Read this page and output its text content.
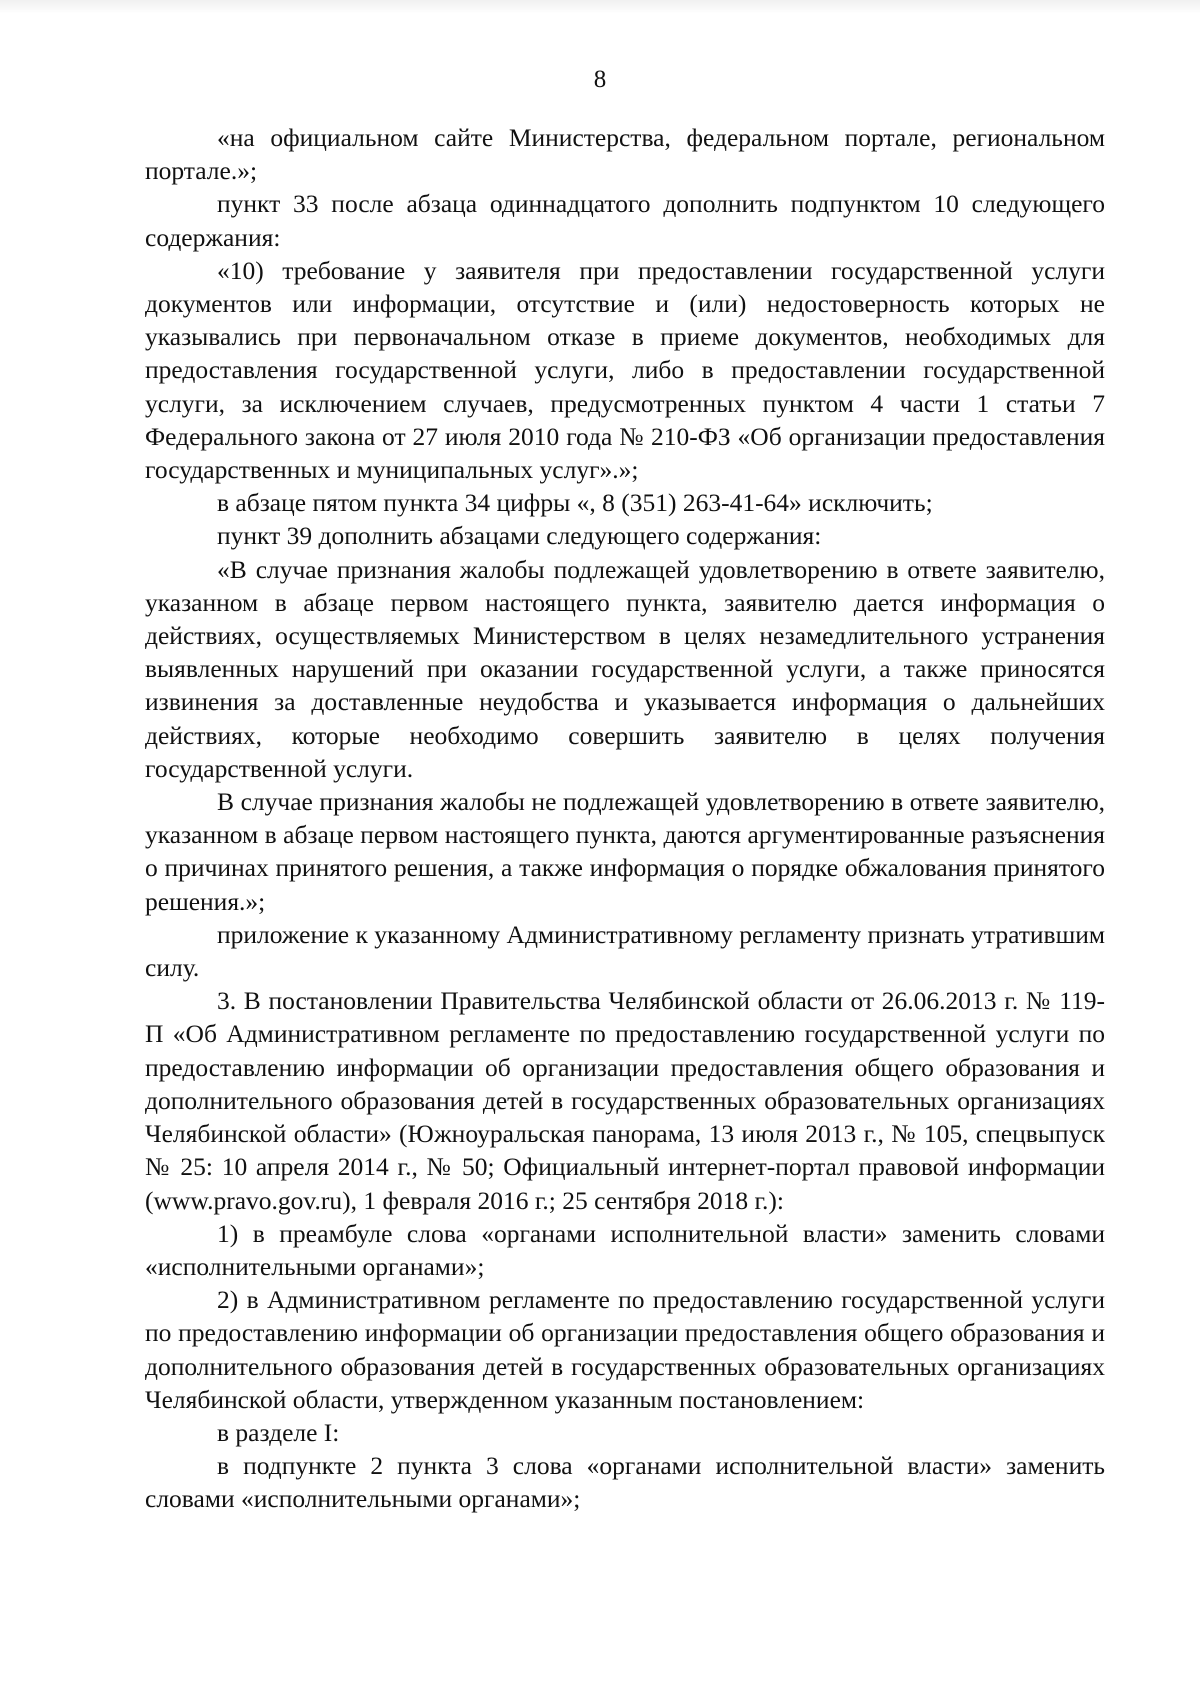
8

«на официальном сайте Министерства, федеральном портале, региональном портале.»;

пункт 33 после абзаца одиннадцатого дополнить подпунктом 10 следующего содержания:

«10) требование у заявителя при предоставлении государственной услуги документов или информации, отсутствие и (или) недостоверность которых не указывались при первоначальном отказе в приеме документов, необходимых для предоставления государственной услуги, либо в предоставлении государственной услуги, за исключением случаев, предусмотренных пунктом 4 части 1 статьи 7 Федерального закона от 27 июля 2010 года № 210-ФЗ «Об организации предоставления государственных и муниципальных услуг».»;

в абзаце пятом пункта 34 цифры «, 8 (351) 263-41-64» исключить;

пункт 39 дополнить абзацами следующего содержания:

«В случае признания жалобы подлежащей удовлетворению в ответе заявителю, указанном в абзаце первом настоящего пункта, заявителю дается информация о действиях, осуществляемых Министерством в целях незамедлительного устранения выявленных нарушений при оказании государственной услуги, а также приносятся извинения за доставленные неудобства и указывается информация о дальнейших действиях, которые необходимо совершить заявителю в целях получения государственной услуги.

В случае признания жалобы не подлежащей удовлетворению в ответе заявителю, указанном в абзаце первом настоящего пункта, даются аргументированные разъяснения о причинах принятого решения, а также информация о порядке обжалования принятого решения.»;

приложение к указанному Административному регламенту признать утратившим силу.

3. В постановлении Правительства Челябинской области от 26.06.2013 г. № 119-П «Об Административном регламенте по предоставлению государственной услуги по предоставлению информации об организации предоставления общего образования и дополнительного образования детей в государственных образовательных организациях Челябинской области» (Южноуральская панорама, 13 июля 2013 г., № 105, спецвыпуск № 25: 10 апреля 2014 г., № 50; Официальный интернет-портал правовой информации (www.pravo.gov.ru), 1 февраля 2016 г.; 25 сентября 2018 г.):

1) в преамбуле слова «органами исполнительной власти» заменить словами «исполнительными органами»;

2) в Административном регламенте по предоставлению государственной услуги по предоставлению информации об организации предоставления общего образования и дополнительного образования детей в государственных образовательных организациях Челябинской области, утвержденном указанным постановлением:

в разделе I:

в подпункте 2 пункта 3 слова «органами исполнительной власти» заменить словами «исполнительными органами»;
